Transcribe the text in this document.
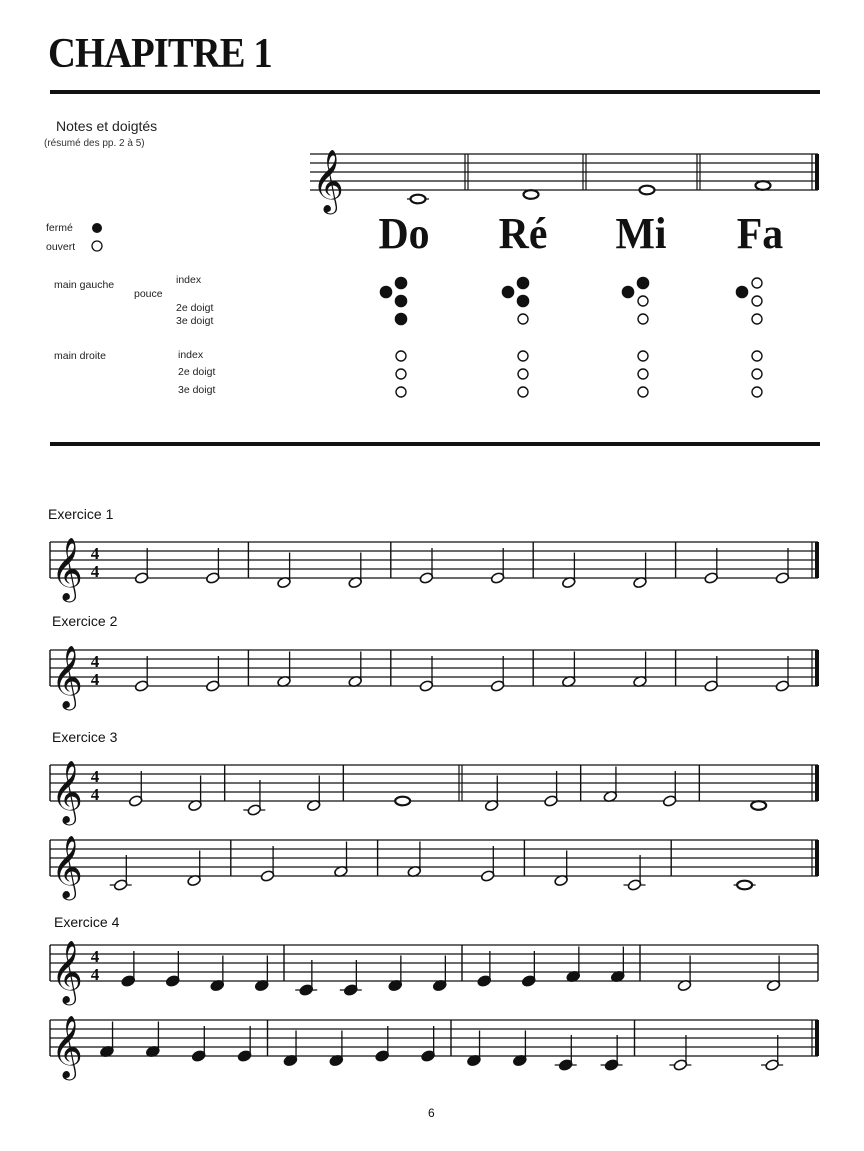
CHAPITRE 1
Notes et doigtés
(résumé des pp. 2 à 5)
fermé
ouvert
main gauche	index
pouce
2e doigt
3e doigt
main droite	index
2e doigt
3e doigt
Do Ré Mi Fa
Exercice 1
Exercice 2
Exercice 3
Exercice 4
6
𝄞
𝄞 4
4
𝄞 4
4
𝄞 4
4
𝄞
𝄞 4
4
𝄞
